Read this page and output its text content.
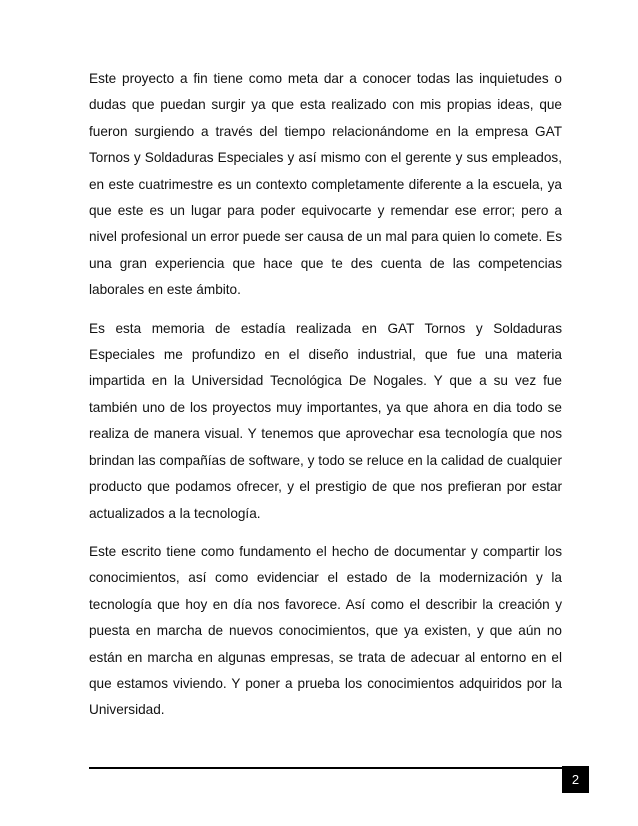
Este proyecto a fin tiene como meta dar a conocer todas las inquietudes o dudas que puedan surgir ya que esta realizado con mis propias ideas, que fueron surgiendo a través del tiempo relacionándome en la empresa GAT Tornos y Soldaduras Especiales y así mismo con el gerente y sus empleados, en este cuatrimestre es un contexto completamente diferente a la escuela, ya que este es un lugar para poder equivocarte y remendar ese error; pero a nivel profesional un error puede ser causa de un mal para quien lo comete. Es una gran experiencia que hace que te des cuenta de las competencias laborales en este ámbito.

Es esta memoria de estadía realizada en GAT Tornos y Soldaduras Especiales me profundizo en el diseño industrial, que fue una materia impartida en la Universidad Tecnológica De Nogales. Y que a su vez fue también uno de los proyectos muy importantes, ya que ahora en dia todo se realiza de manera visual. Y tenemos que aprovechar esa tecnología que nos brindan las compañías de software, y todo se reluce en la calidad de cualquier producto que podamos ofrecer, y el prestigio de que nos prefieran por estar actualizados a la tecnología.

Este escrito tiene como fundamento el hecho de documentar y compartir los conocimientos, así como evidenciar el estado de la modernización y la tecnología que hoy en día nos favorece. Así como el describir la creación y puesta en marcha de nuevos conocimientos, que ya existen, y que aún no están en marcha en algunas empresas, se trata de adecuar al entorno en el que estamos viviendo. Y poner a prueba los conocimientos adquiridos por la Universidad.

2
